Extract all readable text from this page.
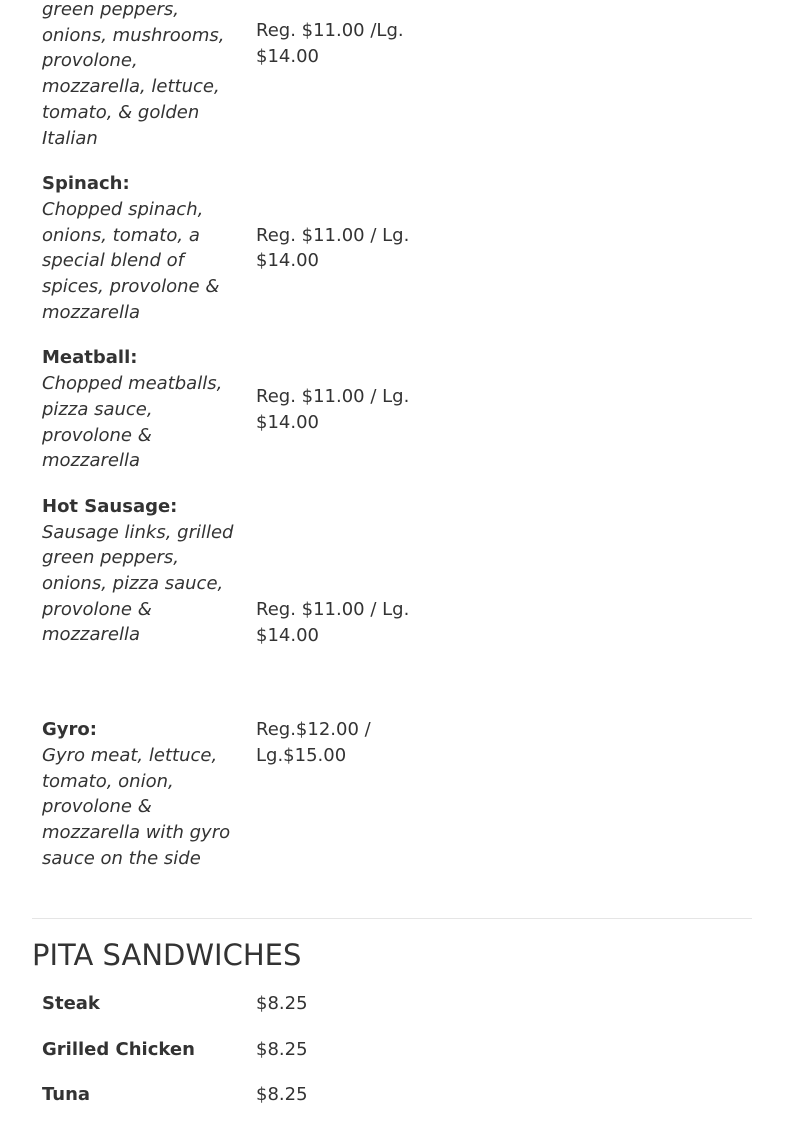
green peppers, onions, mushrooms, provolone, mozzarella, lettuce, tomato, & golden Italian	Reg. $11.00 /Lg. $14.00	

Spinach:
Chopped spinach, onions, tomato, a special blend of spices, provolone & mozzarella	Reg. $11.00 / Lg. $14.00	

Meatball:
Chopped meatballs, pizza sauce, provolone & mozzarella	Reg. $11.00 / Lg. $14.00	

Hot Sausage:
Sausage links, grilled green peppers, onions, pizza sauce, provolone & mozzarella	Reg. $11.00 / Lg. $14.00	

Gyro:
Gyro meat, lettuce, tomato, onion, provolone & mozzarella with gyro sauce on the side	Reg.$12.00 / Lg.$15.00	
PITA SANDWICHES
Steak	$8.25
Grilled Chicken	$8.25
Tuna	$8.25
